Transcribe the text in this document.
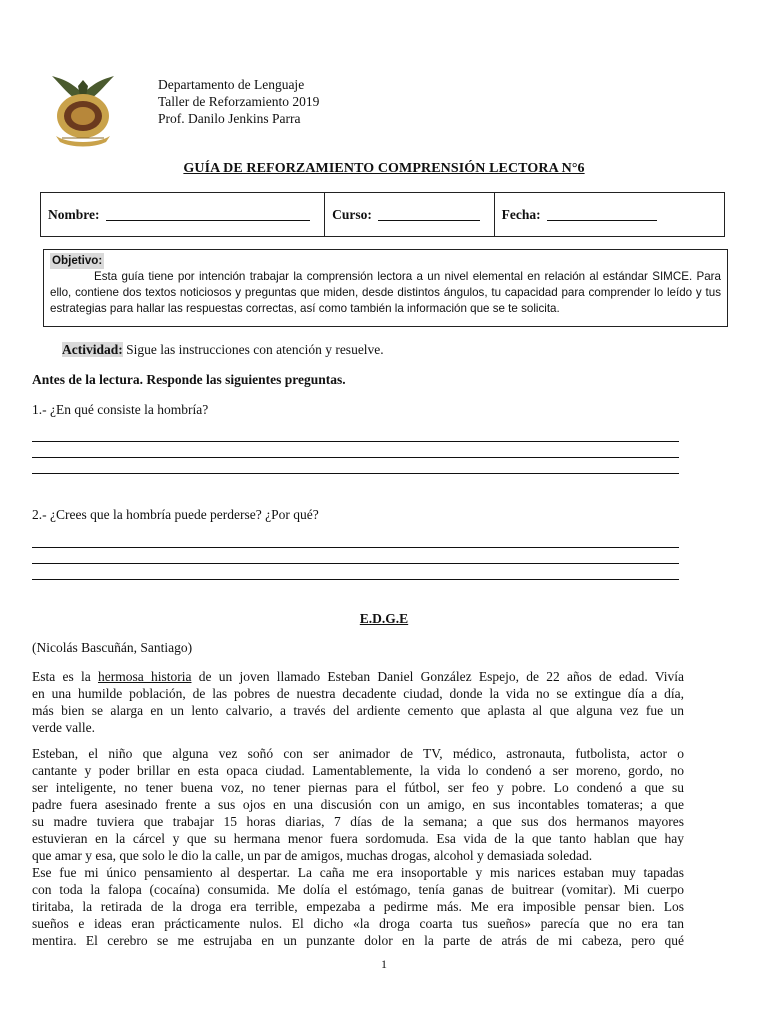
Departamento de Lenguaje
Taller de Reforzamiento 2019
Prof. Danilo Jenkins Parra
GUÍA DE REFORZAMIENTO COMPRENSIÓN LECTORA N°6
Nombre:	Curso:	Fecha:
Objetivo:
Esta guía tiene por intención trabajar la comprensión lectora a un nivel elemental en relación al estándar SIMCE. Para ello, contiene dos textos noticiosos y preguntas que miden, desde distintos ángulos, tu capacidad para comprender lo leído y tus estrategias para hallar las respuestas correctas, así como también la información que se te solicita.
Actividad: Sigue las instrucciones con atención y resuelve.
Antes de la lectura. Responde las siguientes preguntas.
1.- ¿En qué consiste la hombría?
2.- ¿Crees que la hombría puede perderse? ¿Por qué?
E.D.G.E
(Nicolás Bascuñán, Santiago)
Esta es la hermosa historia de un joven llamado Esteban Daniel González Espejo, de 22 años de edad. Vivía
en una humilde población, de las pobres de nuestra decadente ciudad, donde la vida no se extingue día a día,
más bien se alarga en un lento calvario, a través del ardiente cemento que aplasta al que alguna vez fue un
verde valle.
Esteban, el niño que alguna vez soñó con ser animador de TV, médico, astronauta, futbolista, actor o
cantante y poder brillar en esta opaca ciudad. Lamentablemente, la vida lo condenó a ser moreno, gordo, no
ser inteligente, no tener buena voz, no tener piernas para el fútbol, ser feo y pobre. Lo condenó a que su
padre fuera asesinado frente a sus ojos en una discusión con un amigo, en sus incontables tomateras; a que
su madre tuviera que trabajar 15 horas diarias, 7 días de la semana; a que sus dos hermanos mayores
estuvieran en la cárcel y que su hermana menor fuera sordomuda. Esa vida de la que tanto hablan que hay
que amar y esa, que solo le dio la calle, un par de amigos, muchas drogas, alcohol y demasiada soledad.
Ese fue mi único pensamiento al despertar. La caña me era insoportable y mis narices estaban muy tapadas
con toda la falopa (cocaína) consumida. Me dolía el estómago, tenía ganas de buitrear (vomitar). Mi cuerpo
tiritaba, la retirada de la droga era terrible, empezaba a pedirme más. Me era imposible pensar bien. Los
sueños e ideas eran prácticamente nulos. El dicho «la droga coarta tus sueños» parecía que no era tan
mentira. El cerebro se me estrujaba en un punzante dolor en la parte de atrás de mi cabeza, pero qué
1
